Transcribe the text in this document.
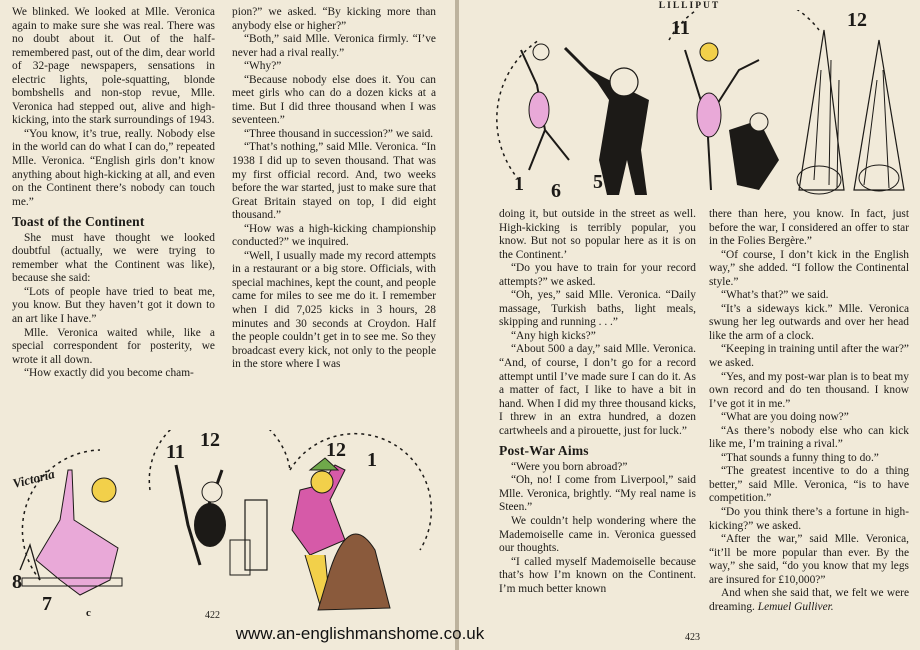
We blinked. We looked at Mlle. Veronica again to make sure she was real. There was no doubt about it. Out of the half-remembered past, out of the dim, dear world of 32-page newspapers, sensations in electric lights, pole-squatting, blonde bombshells and non-stop revue, Mlle. Veronica had stepped out, alive and high-kicking, into the stark surroundings of 1943.

“You know, it’s true, really. Nobody else in the world can do what I can do,” repeated Mlle. Veronica. “English girls don’t know anything about high-kicking at all, and even on the Continent there’s nobody can touch me.”

Toast of the Continent

She must have thought we looked doubtful (actually, we were trying to remember what the Continent was like), because she said:

“Lots of people have tried to beat me, you know. But they haven’t got it down to an art like I have.”

Mlle. Veronica waited while, like a special correspondent for posterity, we wrote it all down.

“How exactly did you become cham-

pion?” we asked. “By kicking more than anybody else or higher?”

“Both,” said Mlle. Veronica firmly. “I’ve never had a rival really.”

“Why?”

“Because nobody else does it. You can meet girls who can do a dozen kicks at a time. But I did three thousand when I was seventeen.”

“Three thousand in succession?” we said.

“That’s nothing,” said Mlle. Veronica. “In 1938 I did up to seven thousand. That was my first official record. And, two weeks before the war started, just to make sure that Great Britain stayed on top, I did eight thousand.”

“How was a high-kicking championship conducted?” we inquired.

“Well, I usually made my record attempts in a restaurant or a big store. Officials, with special machines, kept the count, and people came for miles to see me do it. I remember when I did 7,025 kicks in 3 hours, 28 minutes and 30 seconds at Croydon. Half the people couldn’t get in to see me. So they broadcast every kick, not only to the people in the store where I was

Victoria
8
7	c
11
12	12 1
422
LILLIPUT
1 6 5
11	12

doing it, but outside in the street as well. High-kicking is terribly popular, you know. But not so popular here as it is on the Continent.’

“Do you have to train for your record attempts?” we asked.

“Oh, yes,” said Mlle. Veronica. “Daily massage, Turkish baths, light meals, skipping and running . . .”

“Any high kicks?”

“About 500 a day,” said Mlle. Veronica. “And, of course, I don’t go for a record attempt until I’ve made sure I can do it. As a matter of fact, I like to have a bit in hand. When I did my three thousand kicks, I threw in an extra hundred, a dozen cartwheels and a pirouette, just for luck.”

Post-War Aims

“Were you born abroad?”

“Oh, no! I come from Liverpool,” said Mlle. Veronica, brightly. “My real name is Steen.”

We couldn’t help wondering where the Mademoiselle came in. Veronica guessed our thoughts.

“I called myself Mademoiselle because that’s how I’m known on the Continent. I’m much better known

there than here, you know. In fact, just before the war, I considered an offer to star in the Folies Bergère.”

“Of course, I don’t kick in the English way,” she added. “I follow the Continental style.”

“What’s that?” we said.

“It’s a sideways kick.” Mlle. Veronica swung her leg outwards and over her head like the arm of a clock.

“Keeping in training until after the war?” we asked.

“Yes, and my post-war plan is to beat my own record and do ten thousand. I know I’ve got it in me.”

“What are you doing now?”

“As there’s nobody else who can kick like me, I’m training a rival.”

“That sounds a funny thing to do.”

“The greatest incentive to do a thing better,” said Mlle. Veronica, “is to have competition.”

“Do you think there’s a fortune in high-kicking?” we asked.

“After the war,” said Mlle. Veronica, “it’ll be more popular than ever. By the way,” she said, “do you know that my legs are insured for £10,000?”

And when she said that, we felt we were dreaming. Lemuel Gulliver.

423
www.an-englishmanshome.co.uk
